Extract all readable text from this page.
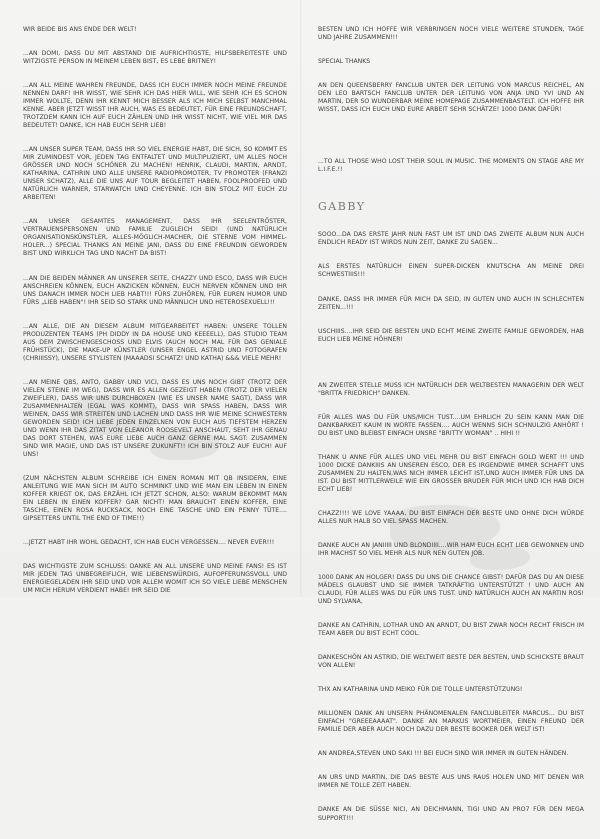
WIR BEIDE BIS ANS ENDE DER WELT!

...AN DOMI, DASS DU MIT ABSTAND DIE AUFRICHTIGSTE, HILFSBEREITESTE UND WITZIGSTE PERSON IN MEINEM LEBEN BIST, ES LEBE BRITNEY!

...AN ALL MEINE WAHREN FREUNDE, DASS ICH EUCH IMMER NOCH MEINE FREUNDE NENNEN DARF! IHR WISST, WIE SEHR ICH DAS HIER WILL, WIE SEHR ICH ES SCHON IMMER WOLLTE, DENN IHR KENNT MICH BESSER ALS ICH MICH SELBST MANCHMAL KENNE. ABER JETZT WISST IHR AUCH, WAS ES BEDEUTET, FÜR EINE FREUNDSCHAFT, TROTZDEM KANN ICH AUF EUCH ZÄHLEN UND IHR WISST NICHT, WIE VIEL MIR DAS BEDEUTET! DANKE, ICH HAB EUCH SEHR LIEB!

...AN UNSER SUPER TEAM, DASS IHR SO VIEL ENERGIE HABT, DIE SICH, SO KOMMT ES MIR ZUMINDEST VOR, JEDEN TAG ENTFALTET UND MULTIPLIZIERT, UM ALLES NOCH GRÖSSER UND NOCH SCHÖNER ZU MACHEN! HENRIK, CLAUDI, MARTIN, ARNDT, KATHARINA, CATHRIN UND ALLE UNSERE RADIOPROMOTER, TV PROMOTER (FRANZI UNSER SCHATZ), ALLE DIE UNS AUF TOUR BEGLEITET HABEN, FOOLPROOFED UND NATÜRLICH WARNER, STARWATCH UND CHEYENNE. ICH BIN STOLZ MIT EUCH ZU ARBEITEN!

...AN UNSER GESAMTES MANAGEMENT, DASS IHR SEELENTRÖSTER, VERTRAUENSPERSONEN UND FAMILIE ZUGLEICH SEID! (UND NATÜRLICH ORGANISATIONSKÜNSTLER, ALLES-MÖGLICH-MACHER, DIE STERNE VOM HIMMEL-HOLER...) SPECIAL THANKS AN MEINE JANI, DASS DU EINE FREUNDIN GEWORDEN BIST UND WIRKLICH TAG UND NACHT DA BIST!

...AN DIE BEIDEN MÄNNER AN UNSERER SEITE, CHAZZY UND ESCO, DASS WIR EUCH ANSCHREIEN KÖNNEN, EUCH ANZICKEN KÖNNEN, EUCH NERVEN KÖNNEN UND IHR UNS DANACH IMMER NOCH LIEB HABT!!! FÜRS ZUHÖREN, FÜR EUREN HUMOR UND FÜRS „LIEB HABEN"! IHR SEID SO STARK UND MÄNNLICH UND HETEROSEXUELL!!!

...AN ALLE, DIE AN DIESEM ALBUM MITGEARBEITET HABEN: UNSERE TOLLEN PRODUZENTEN TEAMS (PH DIDDY IN DA HOUSE UND KEEEELL), DAS STUDIO TEAM AUS DEM ZWISCHENGESCHOSS UND ELVIS (AUCH NOCH MAL FÜR DAS GENIALE FRÜHSTÜCK), DIE MAKE-UP KÜNSTLER (UNSER ENGEL ASTRID UND FOTOGRAFEN (CHRIIISSY), UNSERE STYLISTEN (MAAADSI SCHATZ! UND KATHA) &&& VIELE MEHR!

...AN MEINE QBS, ANTO, GABBY UND VICI, DASS ES UNS NOCH GIBT (TROTZ DER VIELEN STEINE IM WEG), DASS WIR ES ALLEN GEZEIGT HABEN (TROTZ DER VIELEN ZWEIFLER), DASS WIR UNS DURCHBOXEN (WIE ES UNSER NAME SAGT), DASS WIR ZUSAMMENHALTEN (EGAL WAS KOMMT), DASS WIR SPASS HABEN, DASS WIR WEINEN, DASS WIR STREITEN UND LACHEN UND DASS IHR WIE MEINE SCHWESTERN GEWORDEN SEID! ICH LIEBE JEDEN EINZELNEN VON EUCH AUS TIEFSTEM HERZEN UND WENN IHR DAS ZITAT VON ELEANOR ROOSEVELT ANSCHAUT, SEHT IHR GENAU DAS DORT STEHEN, WAS EURE LIEBE AUCH GANZ GERNE MAL SAGT: ZUSAMMEN SIND WIR MAGIE, UND DAS IST UNSERE ZUKUNFT!! ICH BIN STOLZ AUF EUCH! AUF UNS!

(ZUM NÄCHSTEN ALBUM SCHREIBE ICH EINEN ROMAN MIT QB INSIDERN, EINE ANLEITUNG WIE MAN SICH IM AUTO SCHMINKT UND WIE MAN EIN LEBEN IN EINEN KOFFER KRIEGT OK, DAS ERZÄHL ICH JETZT SCHON, ALSO: WARUM BEKOMMT MAN EIN LEBEN IN EINEN KOFFER? GAR NICHT! MAN BRAUCHT EINEN KOFFER, EINE TASCHE, EINEN ROSA RUCKSACK, NOCH EINE TASCHE UND EIN PENNY TÜTE.... GIPSETTERS UNTIL THE END OF TIME!!)

...JETZT HABT IHR WOHL GEDACHT, ICH HAB EUCH VERGESSEN.... NEVER EVER!!!

DAS WICHTIGSTE ZUM SCHLUSS: DANKE AN ALL UNSERE UND MEINE FANS! ES IST MIR JEDEN TAG UNBEGREIFLICH, WIE LIEBENSWÜRDIG, AUFOPFERUNGSVOLL UND ENERGIEGELADEN IHR SEID UND VOR ALLEM WOMIT ICH SO VIELE LIEBE MENSCHEN UM MICH HERUM VERDIENT HABE! IHR SEID DIE

BESTEN UND ICH HOFFE WIR VERBRINGEN NOCH VIELE WEITERE STUNDEN, TAGE UND JAHRE ZUSAMMEN!!!

SPECIAL THANKS

AN DEN QUEENSBERRY FANCLUB UNTER DER LEITUNG VON MARCUS REICHEL, AN DEN LEO BARTSCH FANCLUB UNTER DER LEITUNG VON ANJA UND YVI UND AN MARTIN, DER SO WUNDERBAR MEINE HOMEPAGE ZUSAMMENBASTELT. ICH HOFFE IHR WISST, DASS ICH EUCH UND EURE ARBEIT SEHR SCHÄTZE! 1000 DANK DAFÜR!

...TO ALL THOSE WHO LOST THEIR SOUL IN MUSIC. THE MOMENTS ON STAGE ARE MY L.I.F.E.!!

GABBY

SOOO...DA DAS ERSTE JAHR NUN FAST UM IST UND DAS ZWEITE ALBUM NUN AUCH ENDLICH READY IST WIRDS NUN ZEIT, DANKE ZU SAGEN...

ALS ERSTES NATÜRLICH EINEN SUPER-DICKEN KNUTSCHA AN MEINE DREI SCHWESTIIIS!!!

DANKE, DASS IHR IMMER FÜR MICH DA SEID, IN GUTEN UND AUCH IN SCHLECHTEN ZEITEN...!!!

USCHIIIS....IHR SEID DIE BESTEN UND ECHT MEINE ZWEITE FAMILIE GEWORDEN, HAB EUCH LIEB MEINE HÖHNER!

AN ZWEITER STELLE MUSS ICH NATÜRLICH DER WELTBESTEN MANAGERIN DER WELT "BRITTA FRIEDRICH" DANKEN.

FÜR ALLES WAS DU FÜR UNS/MICH TUST....UM EHRLICH ZU SEIN KANN MAN DIE DANKBARKEIT KAUM IN WORTE FASSEN.... AUCH WENNS SICH SCHNULZIG ANHÖRT ! DU BIST UND BLEIBST EINFACH UNSRE "BRITTY WOMAN" .. HIHI !!

THANK U ANNE FÜR ALLES UND VIEL MEHR DU BIST EINFACH GOLD WERT !!! UND 1000 DICKE DANKIIIS AN UNSEREN ESCO, DER ES IRGENDWIE IMMER SCHAFFT UNS ZUSAMMEN ZU HALTEN,WAS NICH IMMER LEICHT IST,UND AUCH IMMER FÜR UNS DA IST. DU BIST MITTLERWEILE WIE EIN GROSSER BRUDER FÜR MICH UND ICH HAB DICH ECHT LIEB!

CHAZZ!!!! WE LOVE YAAAA, DU BIST EINFACH DER BESTE UND OHNE DICH WÜRDE ALLES NUR HALB SO VIEL SPASS MACHEN.

DANKE AUCH AN JANIIIII UND BLONDIIII....WIR HAM EUCH ECHT LIEB GEWONNEN UND IHR MACHST SO VIEL MEHR ALS NUR NEN GUTEN JOB.

1000 DANK AN HOLGER! DASS DU UNS DIE CHANCE GIBST! DAFÜR DAS DU AN DIESE MÄDELS GLAUBST UND SIE IMMER TATKRÄFTIG UNTERSTÜTZT ! UND AUCH AN CLAUDI, FÜR ALLES WAS DU FÜR UNS TUST. UND NATÜRLICH AUCH AN MARTIN ROS! UND SYLVANA,

DANKE AN CATHRIN, LOTHAR UND AN ARNDT, DU BIST ZWAR NOCH RECHT FRISCH IM TEAM ABER DU BIST ECHT COOL.

DANKESCHÖN AN ASTRID, DIE WELTWEIT BESTE DER BESTEN, UND SCHICKSTE BRAUT VON ALLEN!

THX AN KATHARINA UND MEIKO FÜR DIE TOLLE UNTERSTÜTZUNG!

MILLIONEN DANK AN UNSERN PHÄNOMENALEN FANCLUBLEITER MARCUS... DU BIST EINFACH "GREEEAAAAT". DANKE AN MARKUS WORTMEIER, EINEN FREUND DER FAMILIE DER ABER AUCH NOCH DAZU DER BESTE BOOKER DER WELT IST!

AN ANDREA,STEVEN UND SAKI !!! BEI EUCH SIND WIR IMMER IN GUTEN HÄNDEN.

AN URS UND MARTIN, DIE DAS BESTE AUS UNS RAUS HOLEN UND MIT DENEN WIR IMMER NE TOLLE ZEIT HABEN.

DANKE AN DIE SÜSSE NICI, AN DEICHMANN, TIGI UND AN PRO7 FÜR DEN MEGA SUPPORT!!!
